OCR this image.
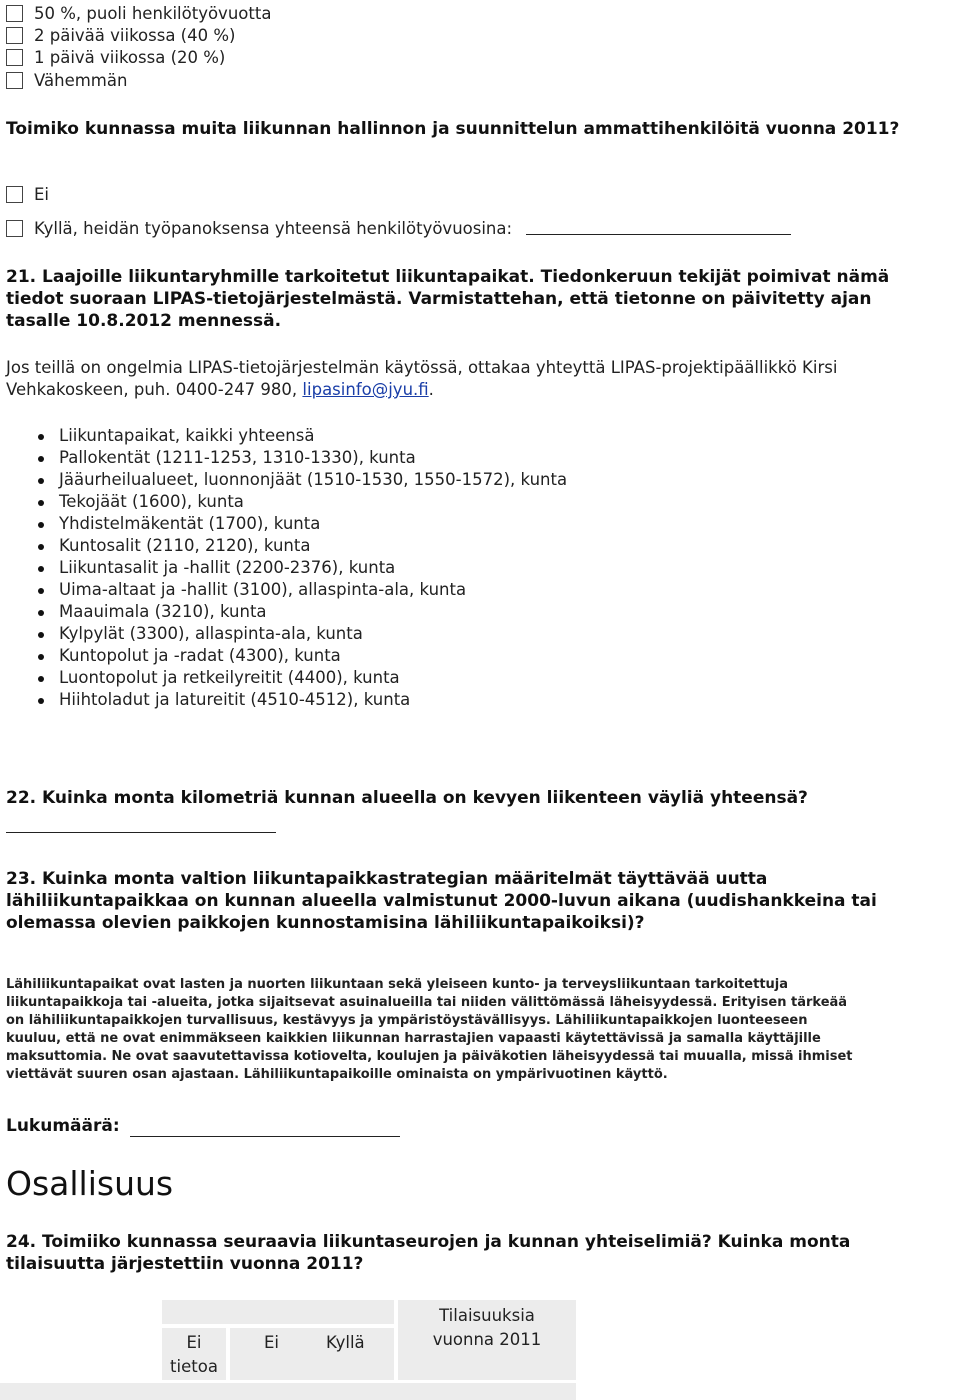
50 %, puoli henkilötyövuotta
2 päivää viikossa (40 %)
1 päivä viikossa (20 %)
Vähemmän
Toimiko kunnassa muita liikunnan hallinnon ja suunnittelun ammattihenkilöitä vuonna 2011?
Ei
Kyllä, heidän työpanoksensa yhteensä henkilötyövuosina:
21. Laajoille liikuntaryhmille tarkoitetut liikuntapaikat. Tiedonkeruun tekijät poimivat nämä
tiedot suoraan LIPAS-tietojärjestelmästä. Varmistattehan, että tietonne on päivitetty ajan
tasalle 10.8.2012 mennessä.
Jos teillä on ongelmia LIPAS-tietojärjestelmän käytössä, ottakaa yhteyttä LIPAS-projektipäällikkö Kirsi
Vehkakoskeen, puh. 0400-247 980, lipasinfo@jyu.fi.
Liikuntapaikat, kaikki yhteensä
Pallokentät (1211-1253, 1310-1330), kunta
Jääurheilualueet, luonnonjäät (1510-1530, 1550-1572), kunta
Tekojäät (1600), kunta
Yhdistelmäkentät (1700), kunta
Kuntosalit (2110, 2120), kunta
Liikuntasalit ja -hallit (2200-2376), kunta
Uima-altaat ja -hallit (3100), allaspinta-ala, kunta
Maauimala (3210), kunta
Kylpylät (3300), allaspinta-ala, kunta
Kuntopolut ja -radat (4300), kunta
Luontopolut ja retkeilyreitit (4400), kunta
Hiihtoladut ja latureitit (4510-4512), kunta
22. Kuinka monta kilometriä kunnan alueella on kevyen liikenteen väyliä yhteensä?
23. Kuinka monta valtion liikuntapaikkastrategian määritelmät täyttävää uutta
lähiliikuntapaikkaa on kunnan alueella valmistunut 2000-luvun aikana (uudishankkeina tai
olemassa olevien paikkojen kunnostamisina lähiliikuntapaikoiksi)?
Lähiliikuntapaikat ovat lasten ja nuorten liikuntaan sekä yleiseen kunto- ja terveysliikuntaan tarkoitettuja
liikuntapaikkoja tai -alueita, jotka sijaitsevat asuinalueilla tai niiden välittömässä läheisyydessä. Erityisen tärkeää
on lähiliikuntapaikkojen turvallisuus, kestävyys ja ympäristöystävällisyys. Lähiliikuntapaikkojen luonteeseen
kuuluu, että ne ovat enimmäkseen kaikkien liikunnan harrastajien vapaasti käytettävissä ja samalla käyttäjille
maksuttomia. Ne ovat saavutettavissa kotiovelta, koulujen ja päiväkotien läheisyydessä tai muualla, missä ihmiset
viettävät suuren osan ajastaan. Lähiliikuntapaikoille ominaista on ympärivuotinen käyttö.
Lukumäärä:
Osallisuus
24. Toimiiko kunnassa seuraavia liikuntaseurojen ja kunnan yhteiselimiä? Kuinka monta
tilaisuutta järjestettiin vuonna 2011?
Ei
tietoa
Ei	Kyllä
Tilaisuuksia
vuonna 2011
